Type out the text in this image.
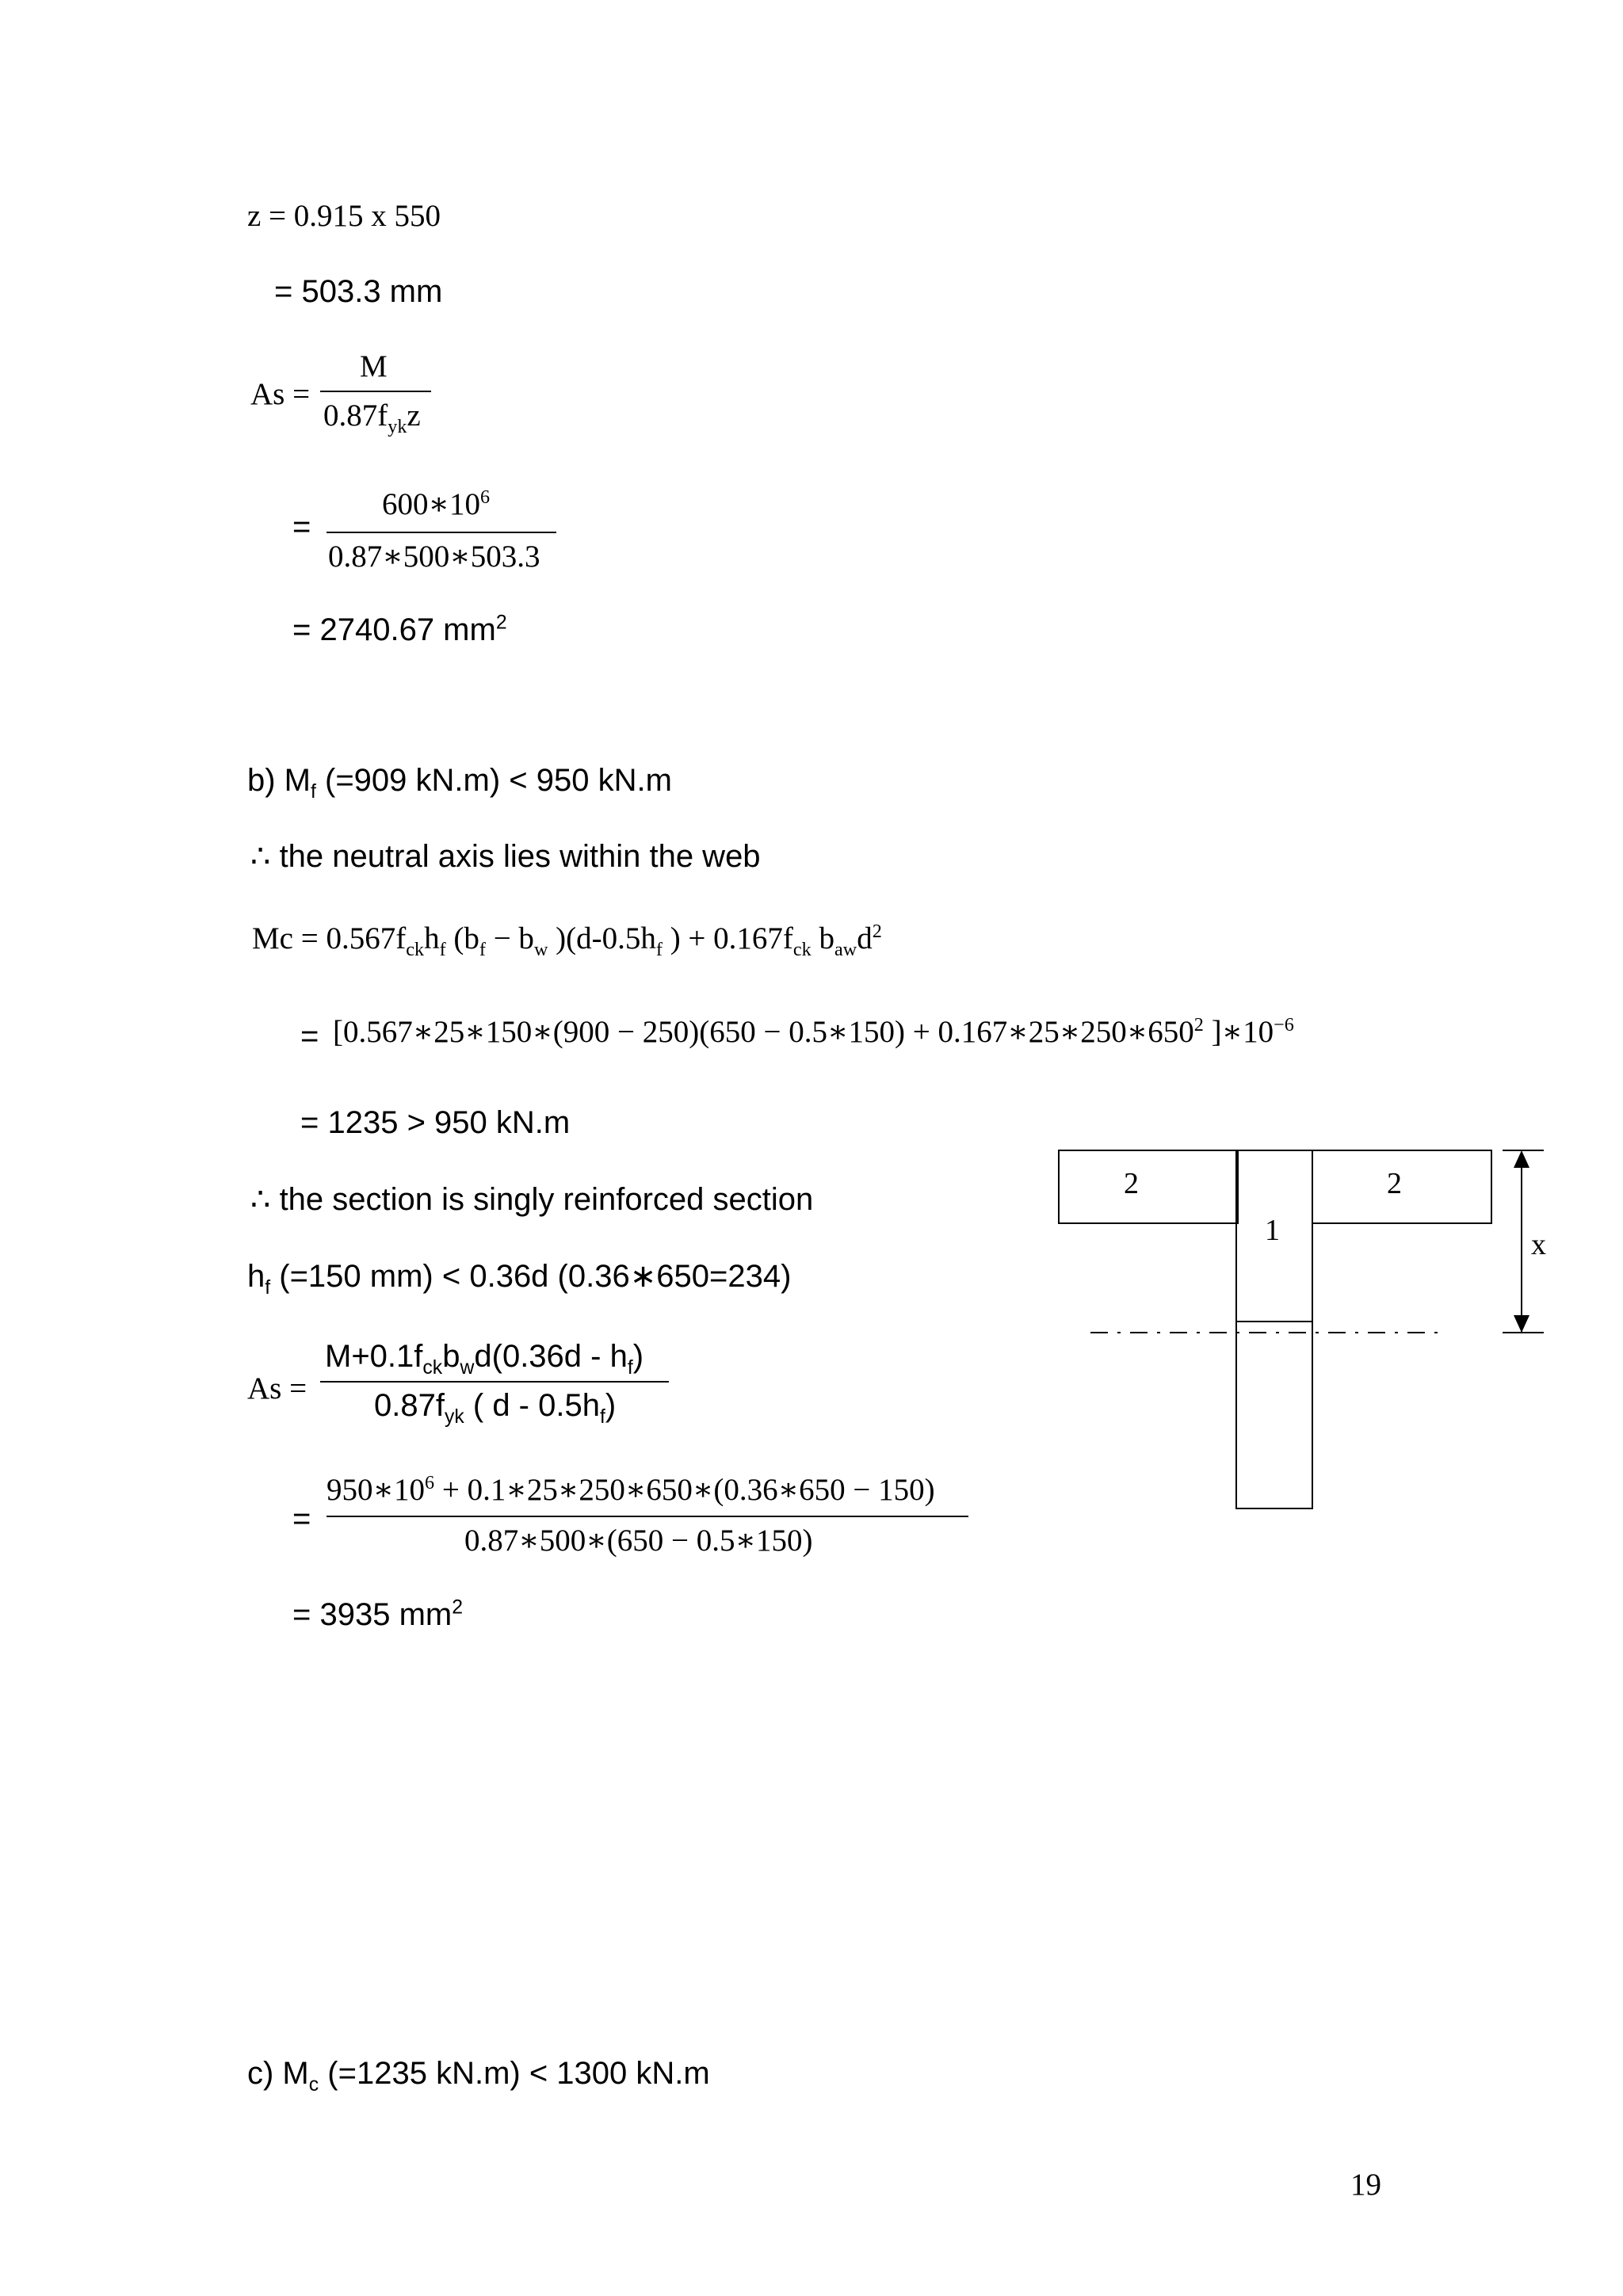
z = 0.915 x 550
= 503.3 mm
As =
M
$0.87f_{yk}z$
=
$600∗10^6$
0.87∗500∗503.3
= 2740.67 $mm^2$
b) $M_f$ (=909 kN.m) < 950 kN.m
∴ the neutral axis lies within the web
$Mc = 0.567f_{ck}h_f$ ($b_f - b_w$ )($d-0.5h_f$ ) + $0.167f_{ck}$ $b_{aw}d^2$
= [0.567∗25∗150∗(900 − 250)(650 − 0.5∗150) + $0.167∗25∗250∗650^2$ ]$∗10^{-6}$
= 1235 > 950 kN.m
∴ the section is singly reinforced section
$h_f$ (=150 mm) < 0.36d (0.36∗650=234)
As =
$M+0.1f_{ck}b_wd(0.36d - h_f)$
$0.87f_{yk}$ ( d - $0.5h_f$)
=
$950∗10^6$ + 0.1∗25∗250∗650∗(0.36∗650 − 150)
0.87∗500∗(650 − 0.5∗150)
= 3935 $mm^2$
c) $M_c$ (=1235 kN.m) < 1300 kN.m
19
2
1
2
x
